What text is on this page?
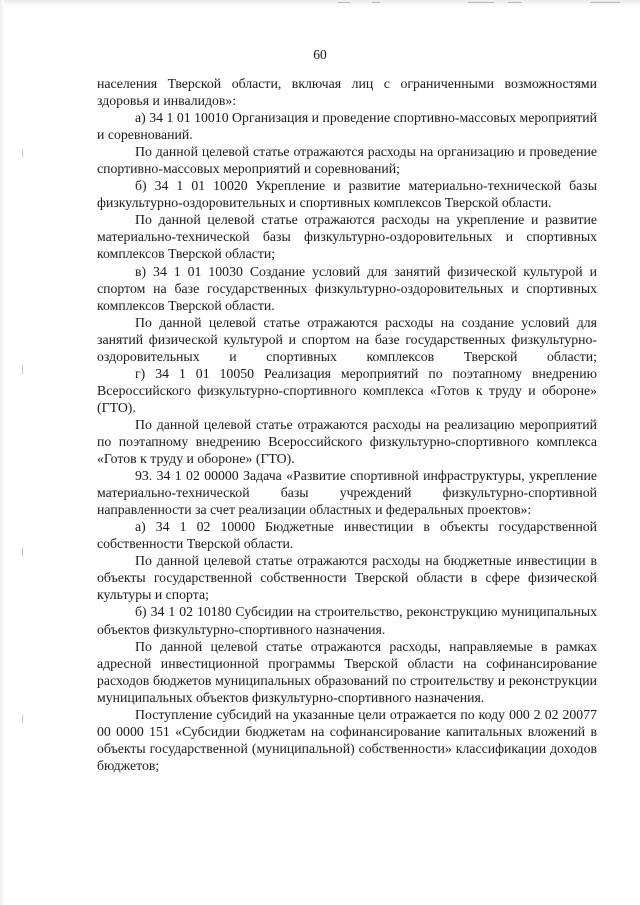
60

населения Тверской области, включая лиц с ограниченными возможностями здоровья и инвалидов»:

а) 34 1 01 10010 Организация и проведение спортивно-массовых мероприятий и соревнований.

По данной целевой статье отражаются расходы на организацию и проведение спортивно-массовых мероприятий и соревнований;

б) 34 1 01 10020 Укрепление и развитие материально-технической базы физкультурно-оздоровительных и спортивных комплексов Тверской области.

По данной целевой статье отражаются расходы на укрепление и развитие материально-технической базы физкультурно-оздоровительных и спортивных комплексов Тверской области;

в) 34 1 01 10030 Создание условий для занятий физической культурой и спортом на базе государственных физкультурно-оздоровительных и спортивных комплексов Тверской области.

По данной целевой статье отражаются расходы на создание условий для занятий физической культурой и спортом на базе государственных физкультурно-оздоровительных и спортивных комплексов Тверской области;

г) 34 1 01 10050 Реализация мероприятий по поэтапному внедрению Всероссийского физкультурно-спортивного комплекса «Готов к труду и обороне» (ГТО).

По данной целевой статье отражаются расходы на реализацию мероприятий по поэтапному внедрению Всероссийского физкультурно-спортивного комплекса «Готов к труду и обороне» (ГТО).

93. 34 1 02 00000 Задача «Развитие спортивной инфраструктуры, укрепление материально-технической базы учреждений физкультурно-спортивной направленности за счет реализации областных и федеральных проектов»:

а) 34 1 02 10000 Бюджетные инвестиции в объекты государственной собственности Тверской области.

По данной целевой статье отражаются расходы на бюджетные инвестиции в объекты государственной собственности Тверской области в сфере физической культуры и спорта;

б) 34 1 02 10180 Субсидии на строительство, реконструкцию муниципальных объектов физкультурно-спортивного назначения.

По данной целевой статье отражаются расходы, направляемые в рамках адресной инвестиционной программы Тверской области на софинансирование расходов бюджетов муниципальных образований по строительству и реконструкции муниципальных объектов физкультурно-спортивного назначения.

Поступление субсидий на указанные цели отражается по коду 000 2 02 20077 00 0000 151 «Субсидии бюджетам на софинансирование капитальных вложений в объекты государственной (муниципальной) собственности» классификации доходов бюджетов;
